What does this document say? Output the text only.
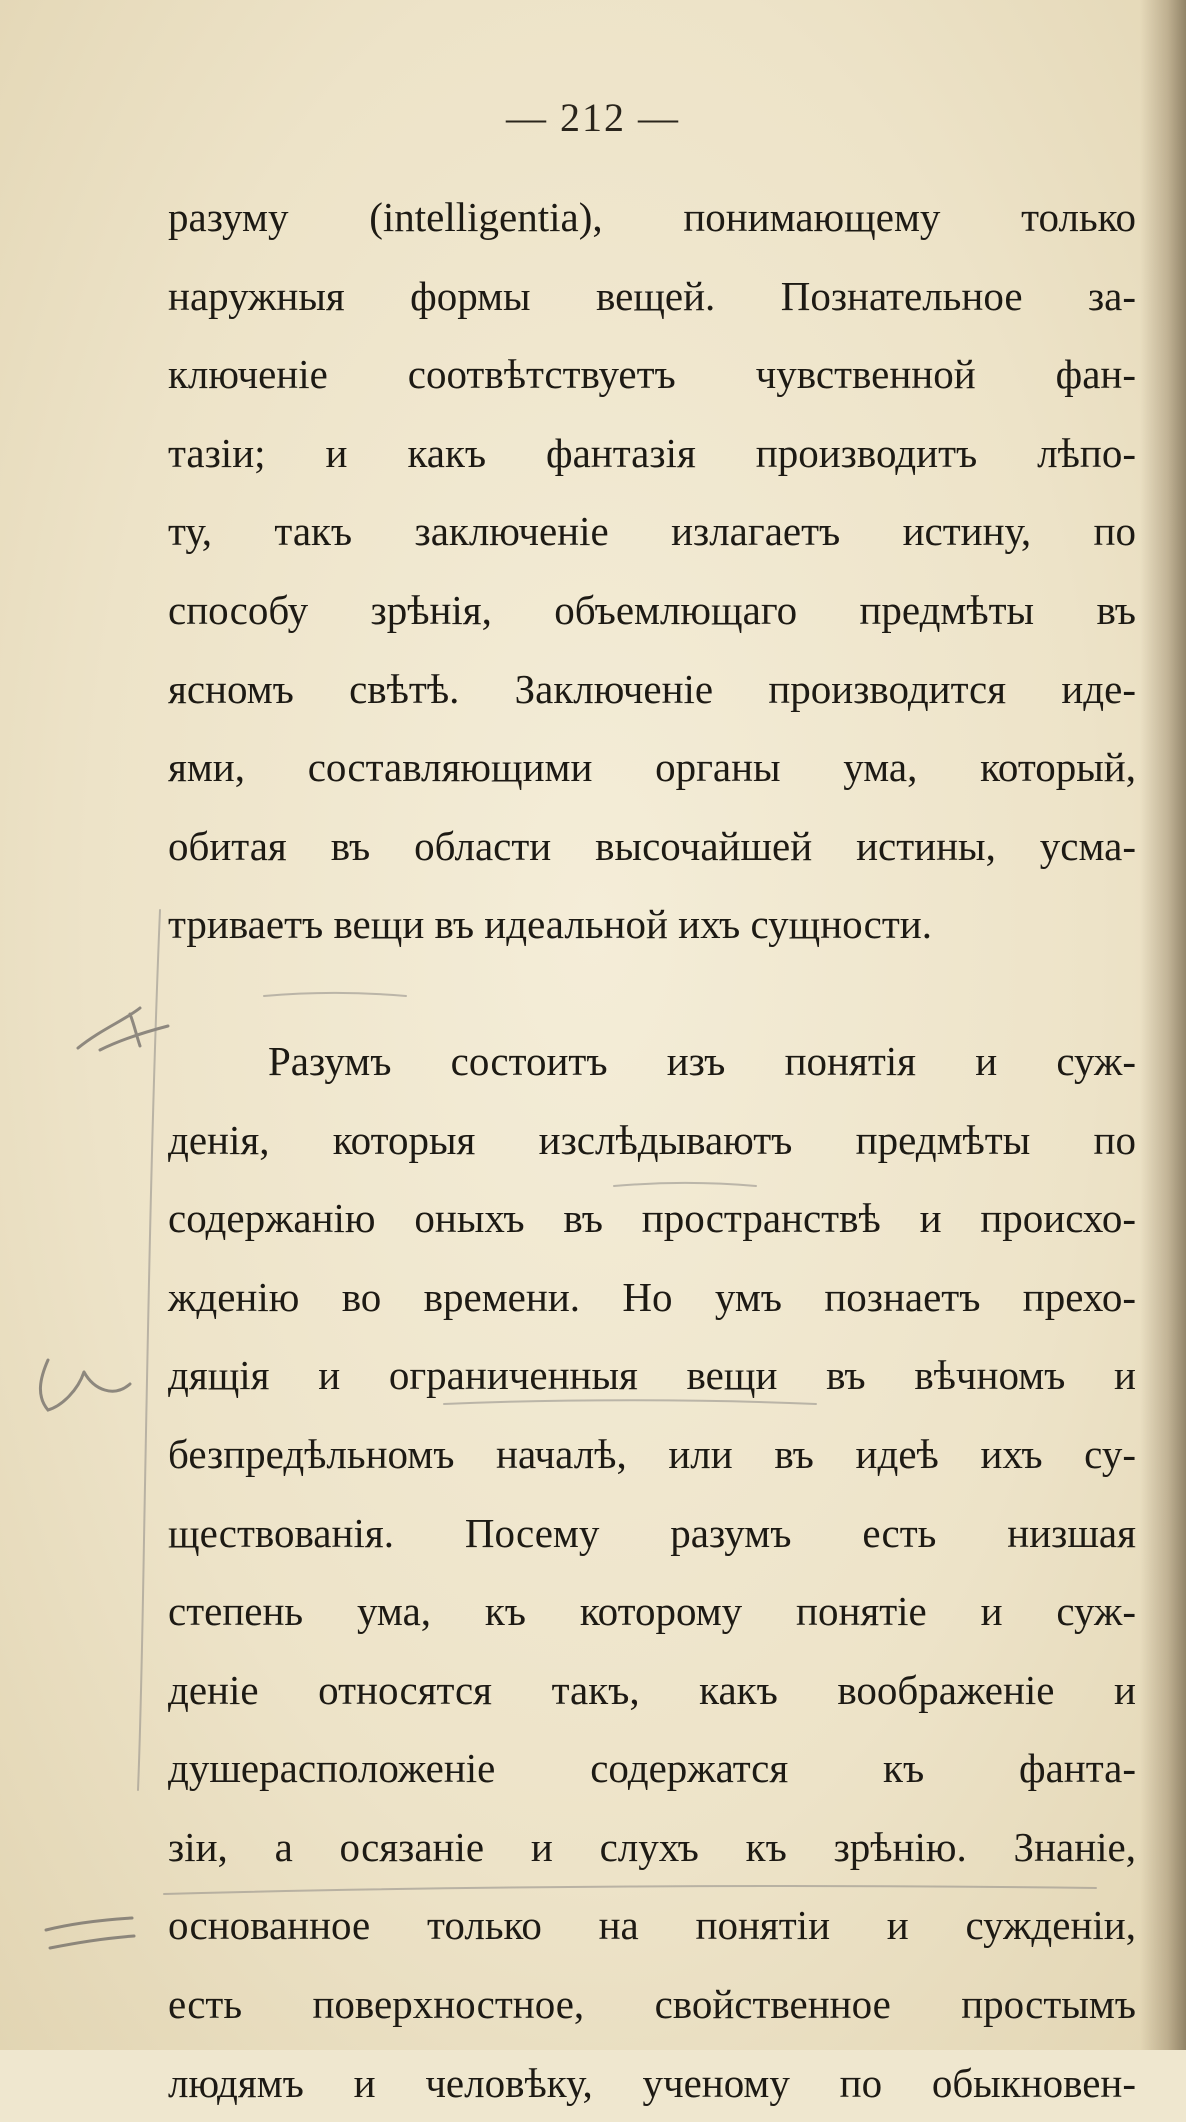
— 212 —
разуму (intelligentia), понимающему только
наружныя формы вещей. Познательное за-
ключеніе соотвѣтствуетъ чувственной фан-
тазіи; и какъ фантазія производитъ лѣпо-
ту, такъ заключеніе излагаетъ истину, по
способу зрѣнія, объемлющаго предмѣты въ
ясномъ свѣтѣ. Заключеніе производится иде-
ями, составляющими органы ума, который,
обитая въ области высочайшей истины, усма-
триваетъ вещи въ идеальной ихъ сущности.
Разумъ состоитъ изъ понятія и суж-
денія, которыя изслѣдываютъ предмѣты по
содержанію оныхъ въ пространствѣ и происхо-
жденію во времени. Но умъ познаетъ прехо-
дящія и ограниченныя вещи въ вѣчномъ и
безпредѣльномъ началѣ, или въ идеѣ ихъ су-
ществованія. Посему разумъ есть низшая
степень ума, къ которому понятіе и суж-
деніе относятся такъ, какъ воображеніе и
душерасположеніе содержатся къ фанта-
зіи, а осязаніе и слухъ къ зрѣнію. Знаніе,
основанное только на понятіи и сужденіи,
есть поверхностное, свойственное простымъ
людямъ и человѣку, ученому по обыкновен-
